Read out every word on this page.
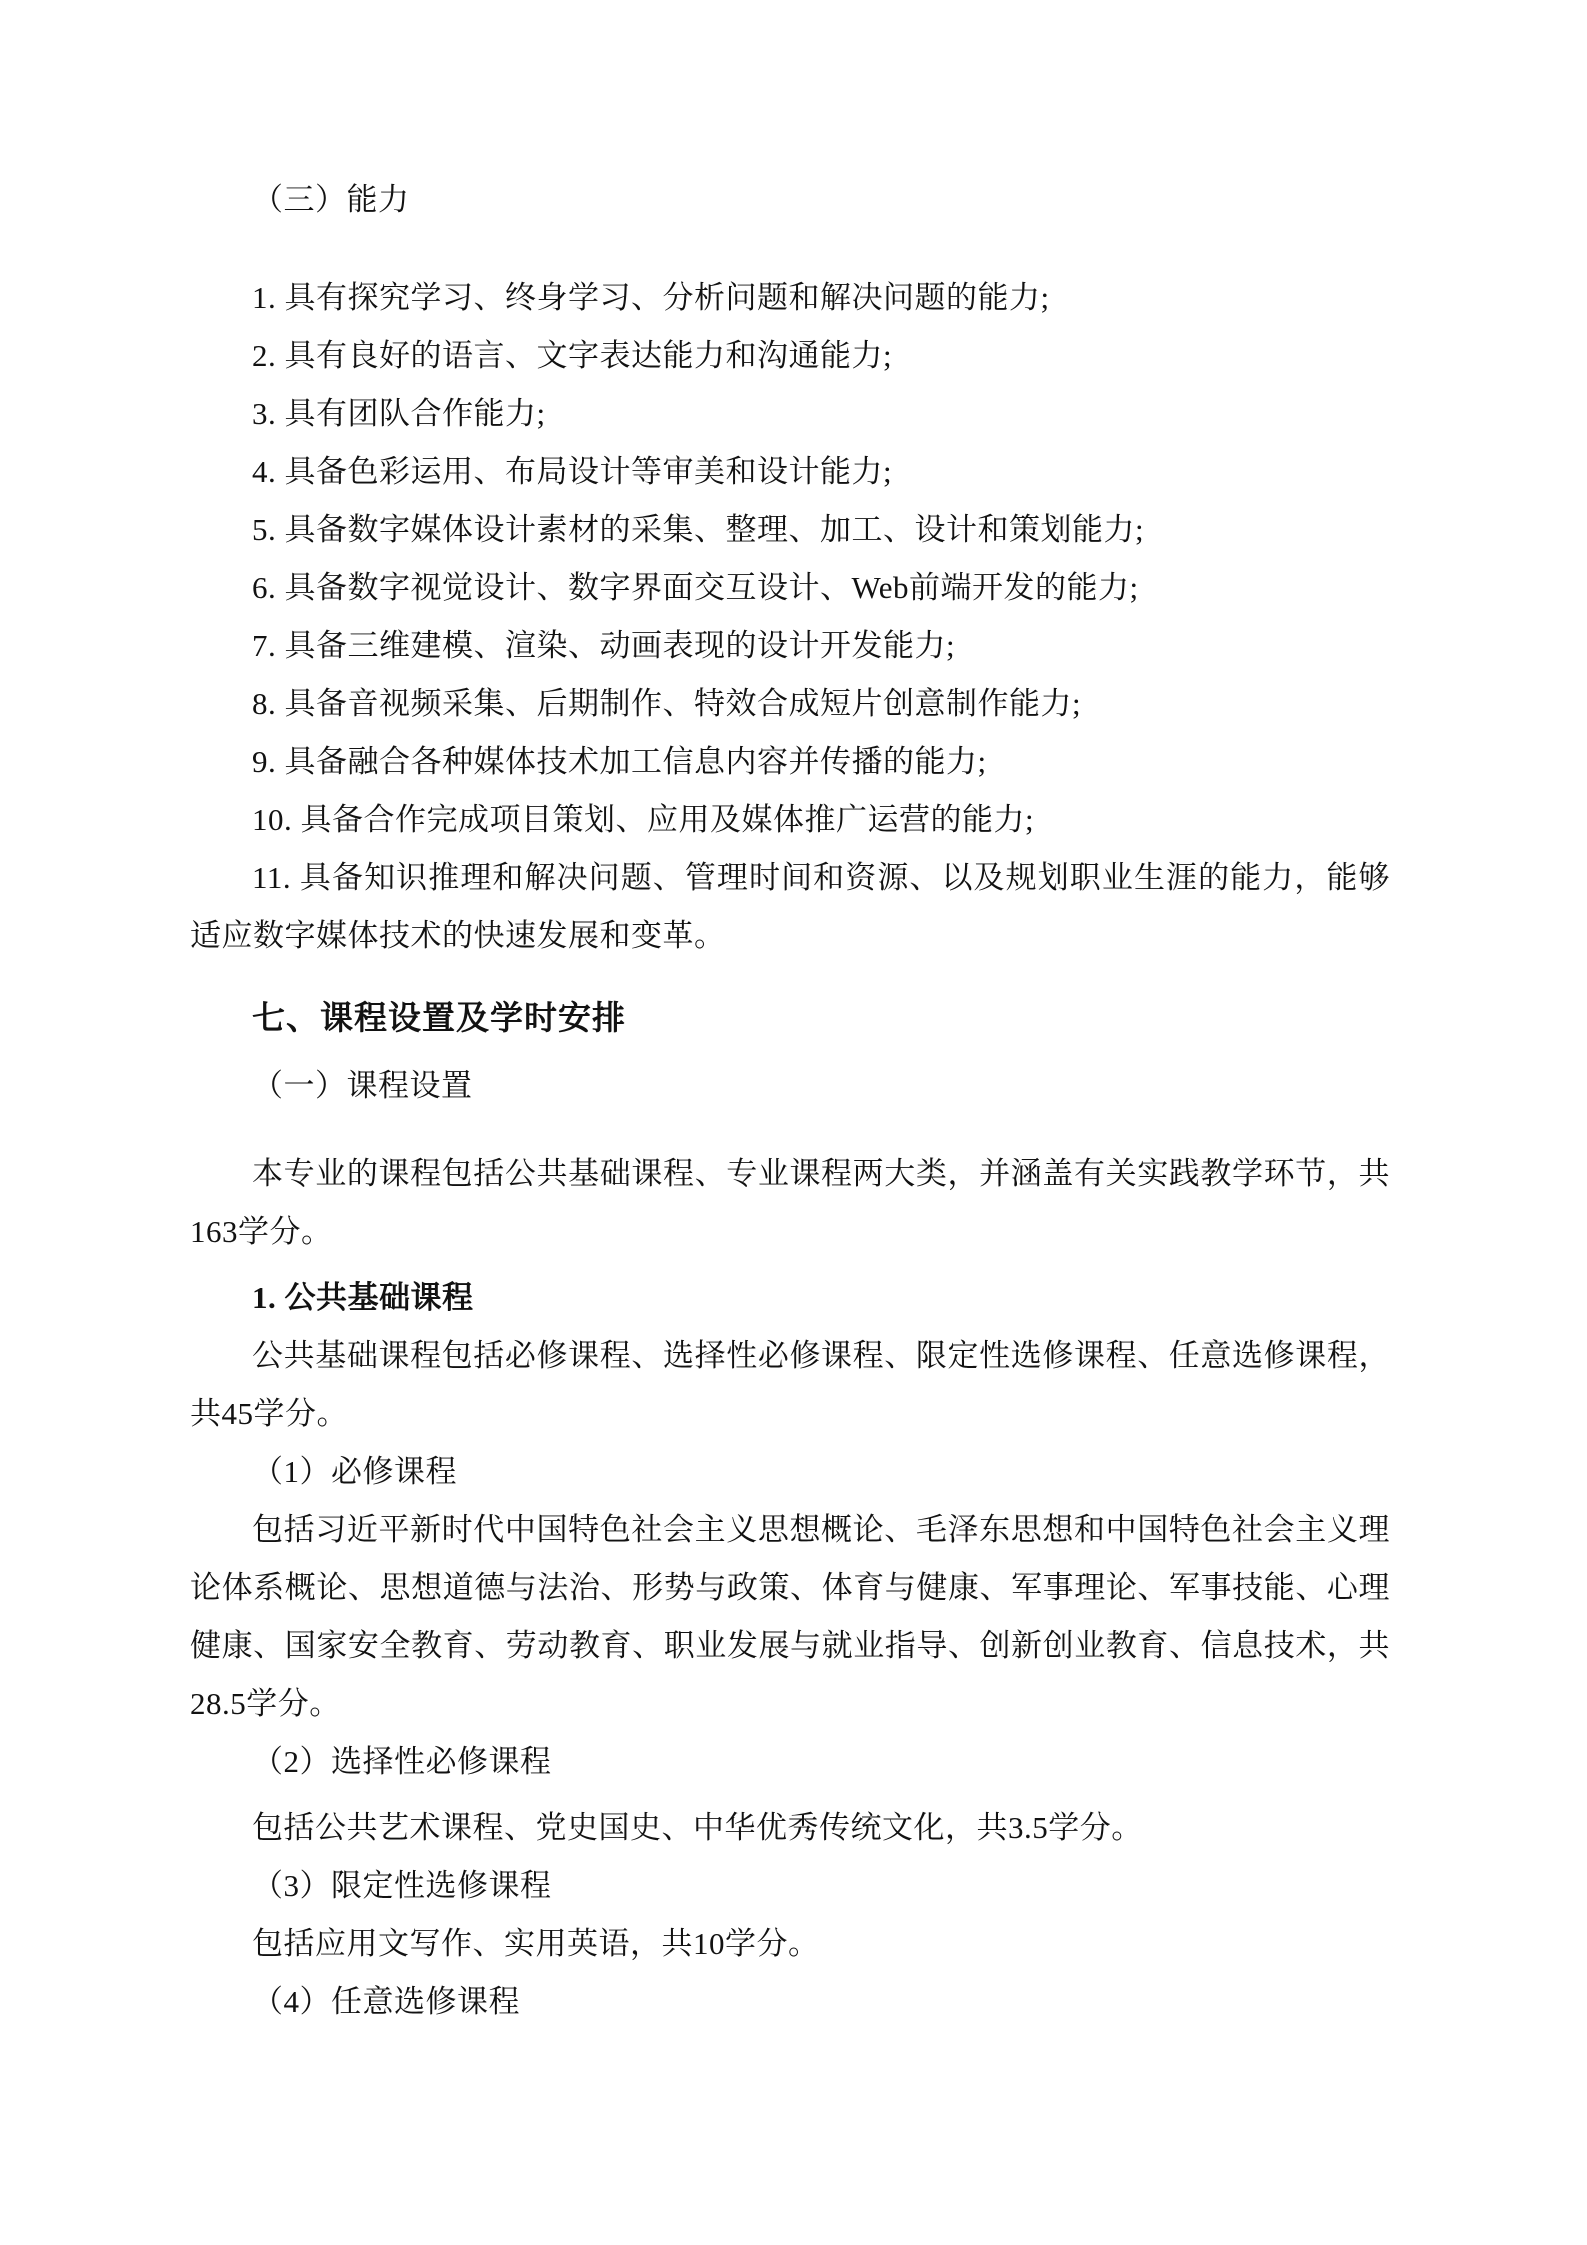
（三）能力

1. 具有探究学习、终身学习、分析问题和解决问题的能力;

2. 具有良好的语言、文字表达能力和沟通能力;

3. 具有团队合作能力;

4. 具备色彩运用、布局设计等审美和设计能力;

5. 具备数字媒体设计素材的采集、整理、加工、设计和策划能力;

6. 具备数字视觉设计、数字界面交互设计、Web前端开发的能力;

7. 具备三维建模、渲染、动画表现的设计开发能力;

8. 具备音视频采集、后期制作、特效合成短片创意制作能力;

9. 具备融合各种媒体技术加工信息内容并传播的能力;

10. 具备合作完成项目策划、应用及媒体推广运营的能力;

11. 具备知识推理和解决问题、管理时间和资源、以及规划职业生涯的能力，能够适应数字媒体技术的快速发展和变革。

七、课程设置及学时安排

（一）课程设置

本专业的课程包括公共基础课程、专业课程两大类，并涵盖有关实践教学环节，共163学分。

1. 公共基础课程

公共基础课程包括必修课程、选择性必修课程、限定性选修课程、任意选修课程，共45学分。

（1）必修课程

包括习近平新时代中国特色社会主义思想概论、毛泽东思想和中国特色社会主义理论体系概论、思想道德与法治、形势与政策、体育与健康、军事理论、军事技能、心理健康、国家安全教育、劳动教育、职业发展与就业指导、创新创业教育、信息技术，共28.5学分。

（2）选择性必修课程

包括公共艺术课程、党史国史、中华优秀传统文化，共3.5学分。

（3）限定性选修课程

包括应用文写作、实用英语，共10学分。

（4）任意选修课程
